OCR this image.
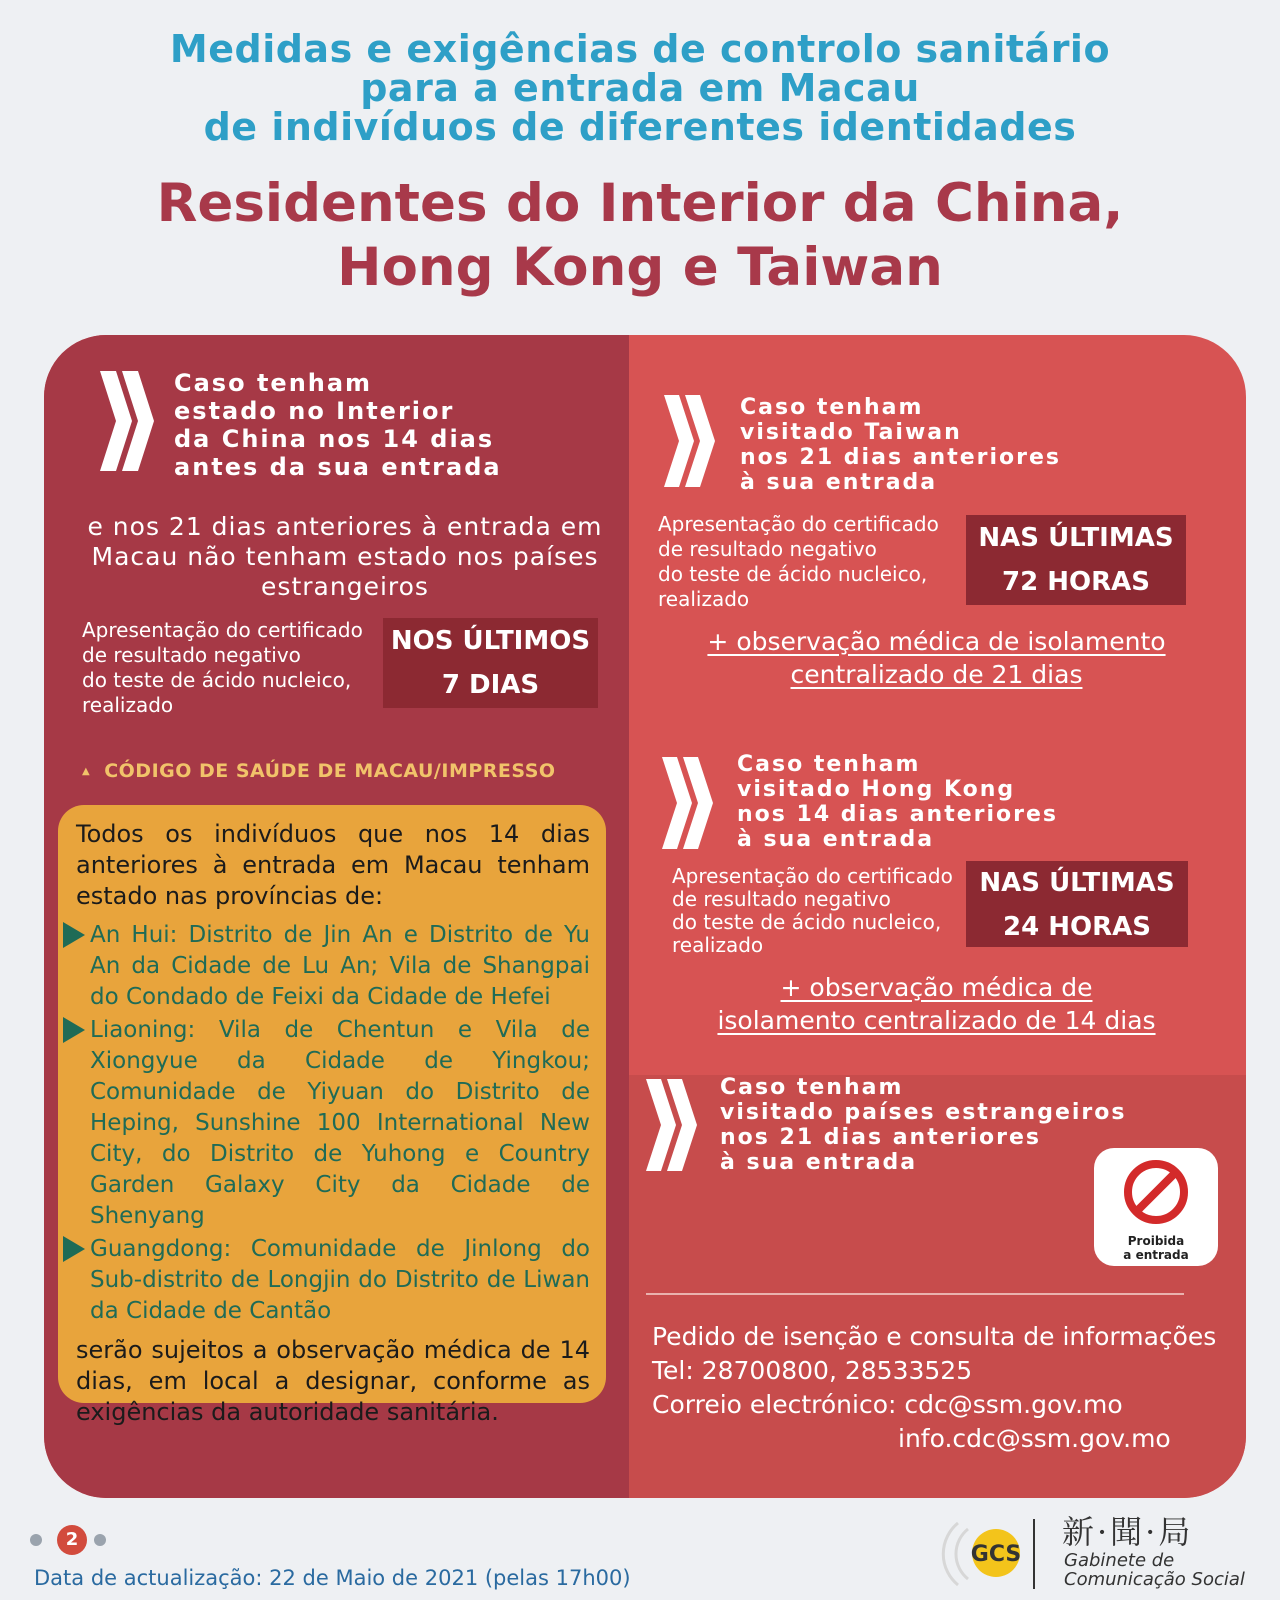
Medidas e exigências de controlo sanitário
para a entrada em Macau
de indivíduos de diferentes identidades
Residentes do Interior da China,
Hong Kong e Taiwan
Caso tenham
estado no Interior
da China nos 14 dias
antes da sua entrada
e nos 21 dias anteriores à entrada em Macau não tenham estado nos países estrangeiros
Apresentação do certificado
de resultado negativo
do teste de ácido nucleico,
realizado
NOS ÚLTIMOS
7 DIAS
▲ CÓDIGO DE SAÚDE DE MACAU/IMPRESSO
Todos os indivíduos que nos 14 dias anteriores à entrada em Macau tenham estado nas províncias de:
An Hui: Distrito de Jin An e Distrito de Yu An da Cidade de Lu An; Vila de Shangpai do Condado de Feixi da Cidade de Hefei
Liaoning: Vila de Chentun e Vila de Xiongyue da Cidade de Yingkou; Comunidade de Yiyuan do Distrito de Heping, Sunshine 100 International New City, do Distrito de Yuhong e Country Garden Galaxy City da Cidade de Shenyang
Guangdong: Comunidade de Jinlong do Sub-distrito de Longjin do Distrito de Liwan da Cidade de Cantão
serão sujeitos a observação médica de 14 dias, em local a designar, conforme as exigências da autoridade sanitária.
Caso tenham
visitado Taiwan
nos 21 dias anteriores
à sua entrada
Apresentação do certificado
de resultado negativo
do teste de ácido nucleico,
realizado
NAS ÚLTIMAS
72 HORAS
+ observação médica de isolamento
centralizado de 21 dias
Caso tenham
visitado Hong Kong
nos 14 dias anteriores
à sua entrada
Apresentação do certificado
de resultado negativo
do teste de ácido nucleico,
realizado
NAS ÚLTIMAS
24 HORAS
+ observação médica de
isolamento centralizado de 14 dias
Caso tenham
visitado países estrangeiros
nos 21 dias anteriores
à sua entrada
Proibida
a entrada
Pedido de isenção e consulta de informações
Tel: 28700800, 28533525
Correio electrónico: cdc@ssm.gov.mo
info.cdc@ssm.gov.mo
2
Data de actualização: 22 de Maio de 2021 (pelas 17h00)
GCS
新·聞·局
Gabinete de
Comunicação Social
